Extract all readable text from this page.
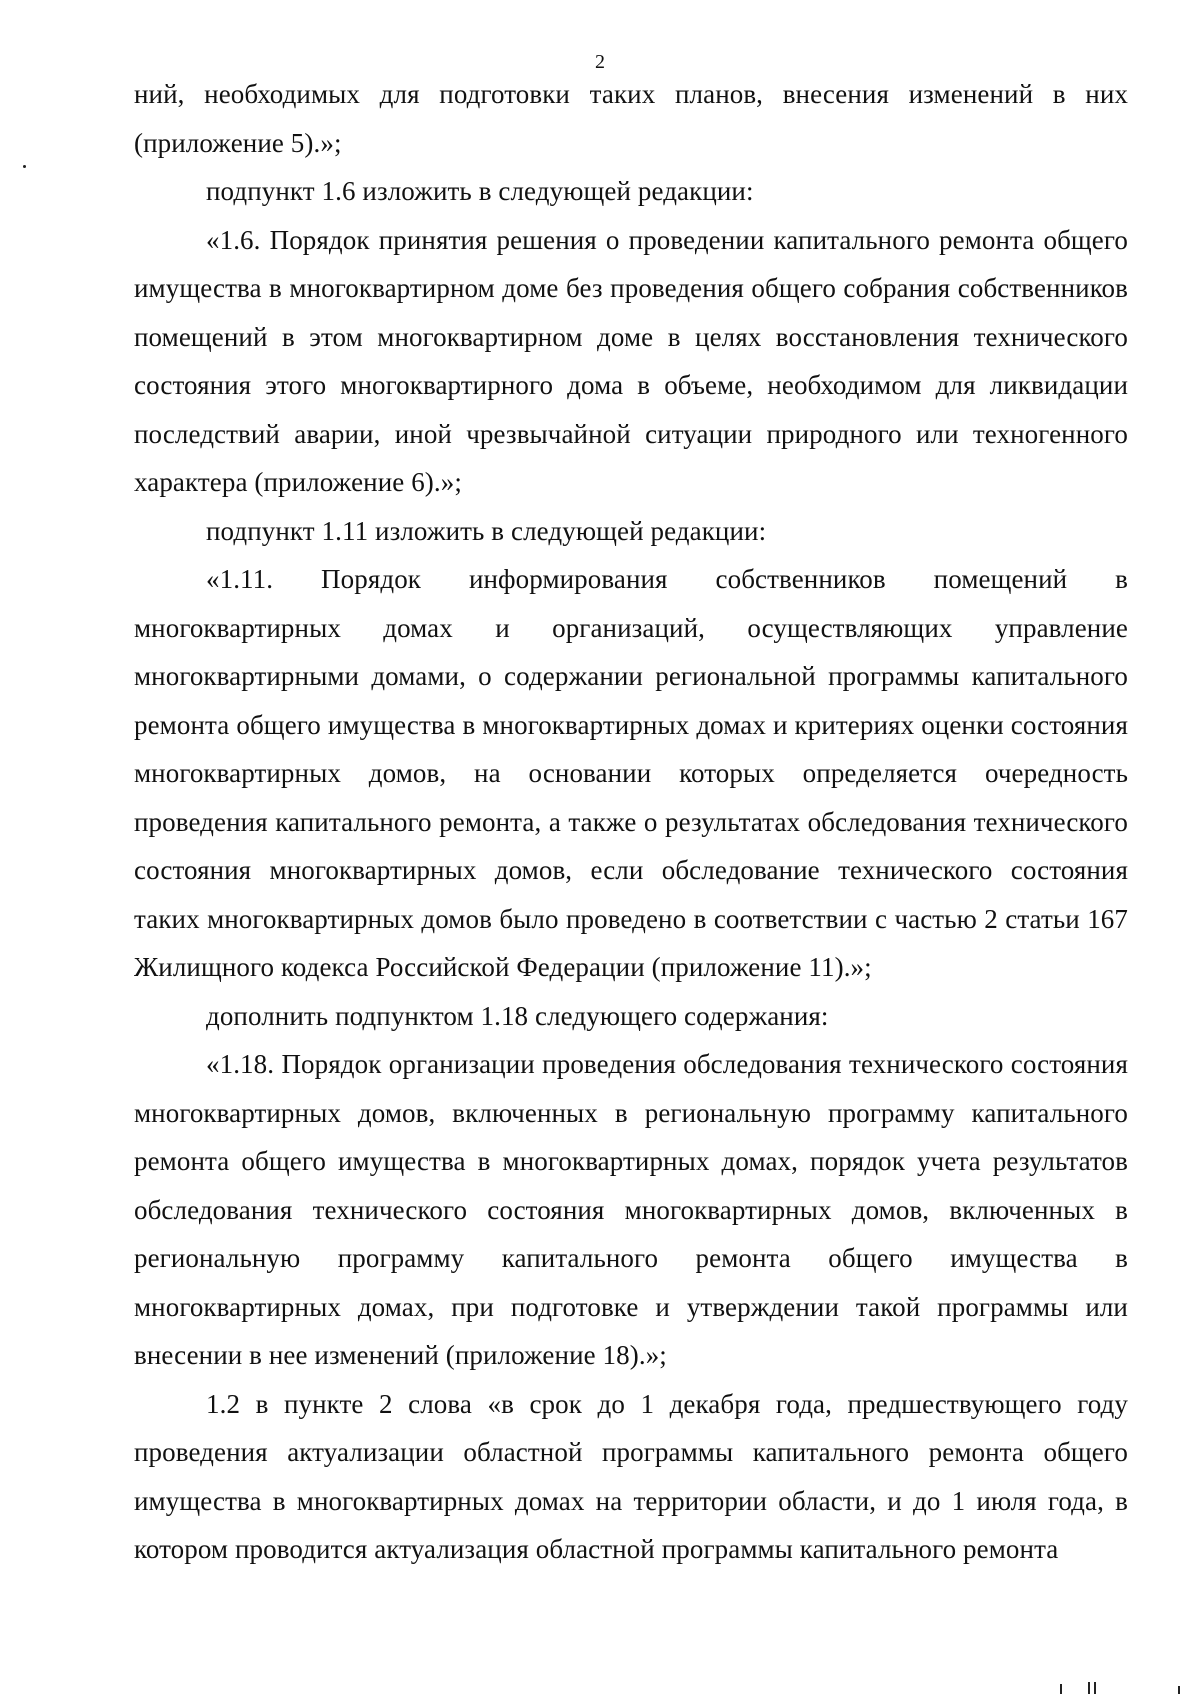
2

ний, необходимых для подготовки таких планов, внесения изменений в них (приложение 5).»;

подпункт 1.6 изложить в следующей редакции:

«1.6. Порядок принятия решения о проведении капитального ремонта общего имущества в многоквартирном доме без проведения общего собрания собственников помещений в этом многоквартирном доме в целях восстановления технического состояния этого многоквартирного дома в объеме, необходимом для ликвидации последствий аварии, иной чрезвычайной ситуации природного или техногенного характера (приложение 6).»;

подпункт 1.11 изложить в следующей редакции:

«1.11. Порядок информирования собственников помещений в многоквартирных домах и организаций, осуществляющих управление многоквартирными домами, о содержании региональной программы капитального ремонта общего имущества в многоквартирных домах и критериях оценки состояния многоквартирных домов, на основании которых определяется очередность проведения капитального ремонта, а также о результатах обследования технического состояния многоквартирных домов, если обследование технического состояния таких многоквартирных домов было проведено в соответствии с частью 2 статьи 167 Жилищного кодекса Российской Федерации (приложение 11).»;

дополнить подпунктом 1.18 следующего содержания:

«1.18. Порядок организации проведения обследования технического состояния многоквартирных домов, включенных в региональную программу капитального ремонта общего имущества в многоквартирных домах, порядок учета результатов обследования технического состояния многоквартирных домов, включенных в региональную программу капитального ремонта общего имущества в многоквартирных домах, при подготовке и утверждении такой программы или внесении в нее изменений (приложение 18).»;

1.2 в пункте 2 слова «в срок до 1 декабря года, предшествующего году проведения актуализации областной программы капитального ремонта общего имущества в многоквартирных домах на территории области, и до 1 июля года, в котором проводится актуализация областной программы капитального ремонта
